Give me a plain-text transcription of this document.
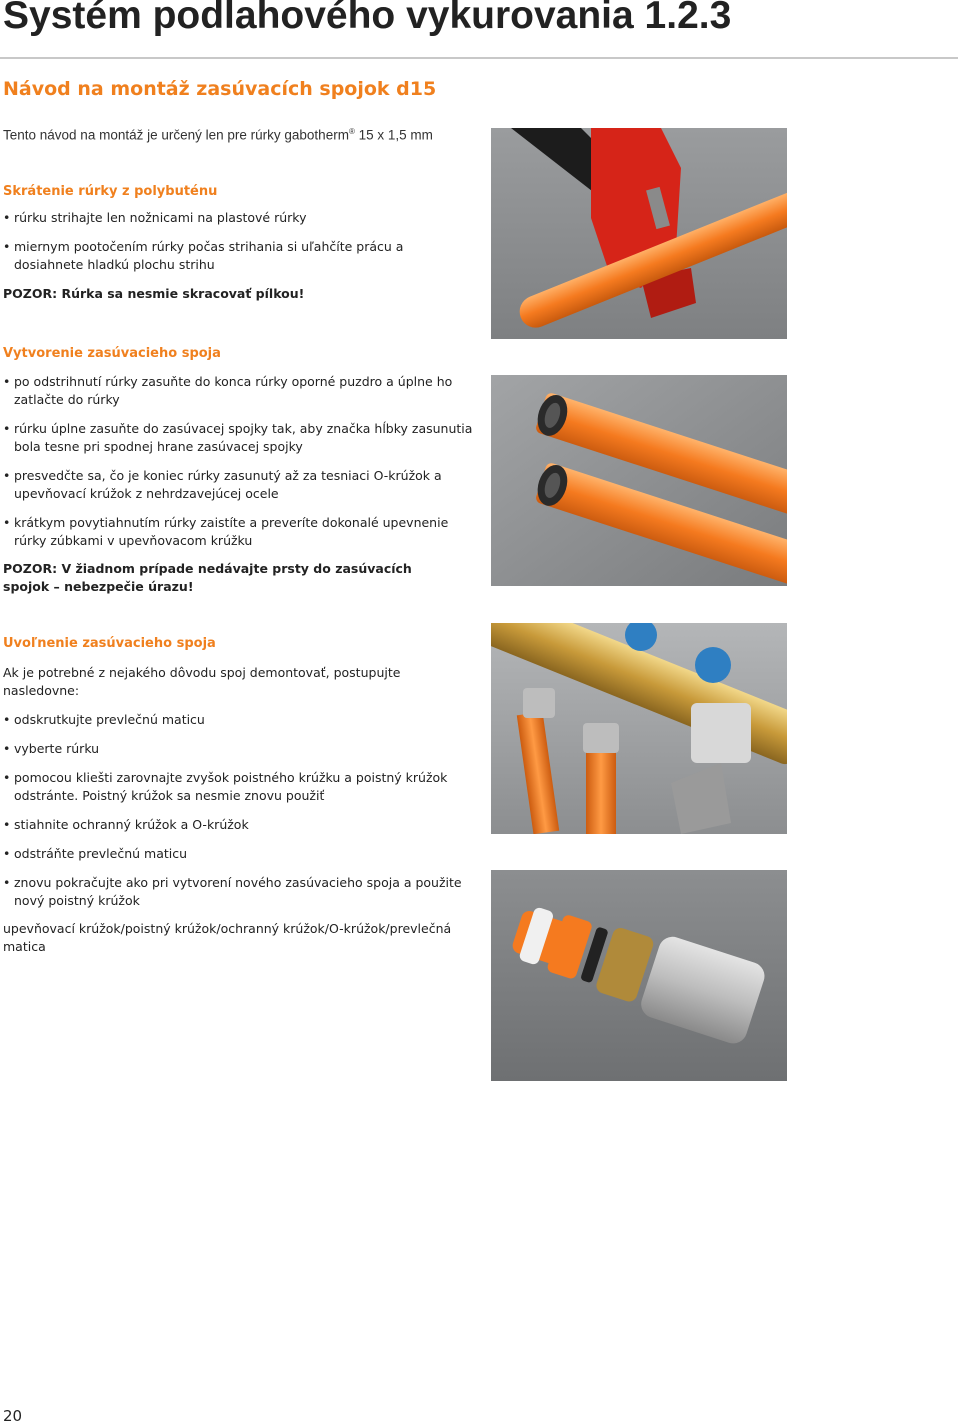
Systém podlahového vykurovania 1.2.3
Návod na montáž zasúvacích spojok d15

Tento návod na montáž je určený len pre rúrky gabotherm® 15 x 1,5 mm

Skrátenie rúrky z polybuténu
• rúrku strihajte len nožnicami na plastové rúrky
• miernym pootočením rúrky počas strihania si uľahčíte prácu a dosiahnete hladkú plochu strihu

POZOR: Rúrka sa nesmie skracovať pílkou!

Vytvorenie zasúvacieho spoja
• po odstrihnutí rúrky zasuňte do konca rúrky oporné puzdro a úplne ho zatlačte do rúrky
• rúrku úplne zasuňte do zasúvacej spojky tak, aby značka hĺbky zasunutia bola tesne pri spodnej hrane zasúvacej spojky
• presvedčte sa, čo je koniec rúrky zasunutý až za tesniaci O-krúžok a upevňovací krúžok z nehrdzavejúcej ocele
• krátkym povytiahnutím rúrky zaistíte a preveríte dokonalé upevnenie rúrky zúbkami v upevňovacom krúžku

POZOR: V žiadnom prípade nedávajte prsty do zasúvacích spojok – nebezpečie úrazu!

Uvoľnenie zasúvacieho spoja

Ak je potrebné z nejakého dôvodu spoj demontovať, postupujte nasledovne:

• odskrutkujte prevlečnú maticu
• vyberte rúrku
• pomocou kliešti zarovnajte zvyšok poistného krúžku a poistný krúžok odstránte. Poistný krúžok sa nesmie znovu použiť
• stiahnite ochranný krúžok a O-krúžok
• odstráňte prevlečnú maticu
• znovu pokračujte ako pri vytvorení nového zasúvacieho spoja a použite nový poistný krúžok

upevňovací krúžok/poistný krúžok/ochranný krúžok/O-krúžok/prevlečná matica

20
